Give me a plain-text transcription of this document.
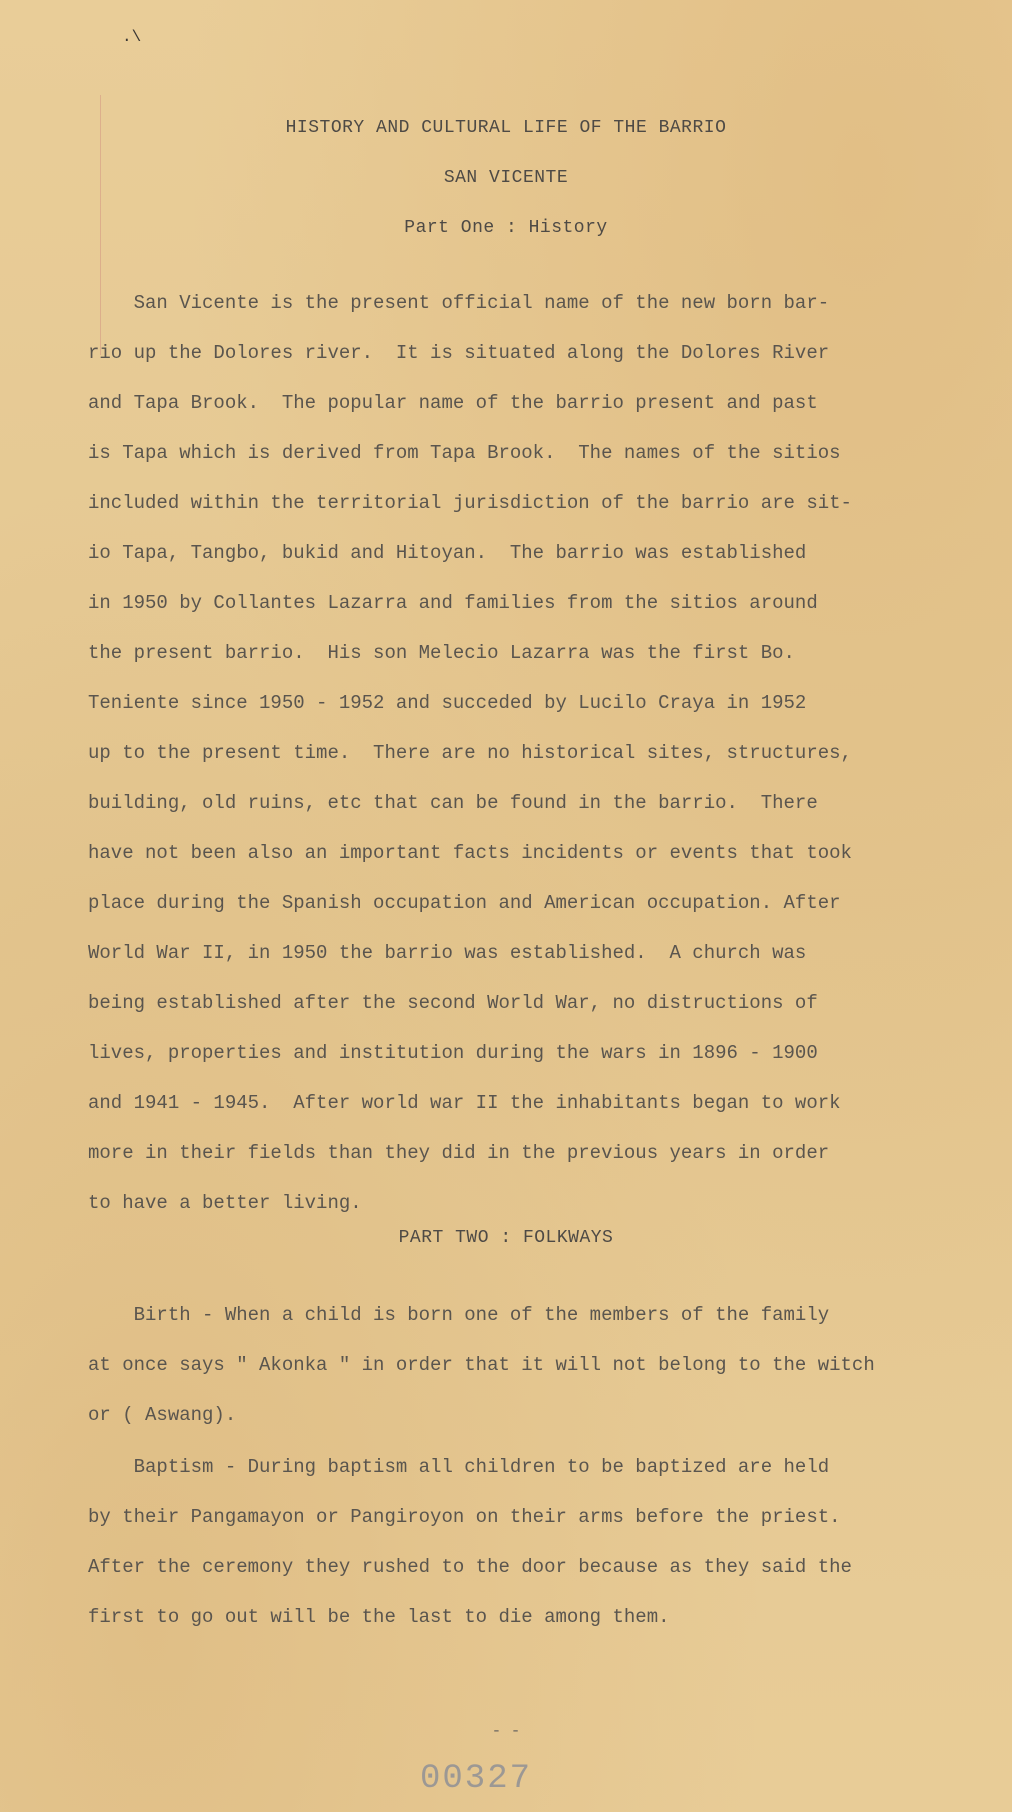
.\
HISTORY AND CULTURAL LIFE OF THE BARRIO
SAN VICENTE
Part One : History
San Vicente is the present official name of the new born bar-
rio up the Dolores river.  It is situated along the Dolores River
and Tapa Brook.  The popular name of the barrio present and past
is Tapa which is derived from Tapa Brook.  The names of the sitios
included within the territorial jurisdiction of the barrio are sit-
io Tapa, Tangbo, bukid and Hitoyan.  The barrio was established
in 1950 by Collantes Lazarra and families from the sitios around
the present barrio.  His son Melecio Lazarra was the first Bo.
Teniente since 1950 - 1952 and succeded by Lucilo Craya in 1952
up to the present time.  There are no historical sites, structures,
building, old ruins, etc that can be found in the barrio.  There
have not been also an important facts incidents or events that took
place during the Spanish occupation and American occupation. After
World War II, in 1950 the barrio was established.  A church was
being established after the second World War, no distructions of
lives, properties and institution during the wars in 1896 - 1900
and 1941 - 1945.  After world war II the inhabitants began to work
more in their fields than they did in the previous years in order
to have a better living.
PART TWO : FOLKWAYS
Birth - When a child is born one of the members of the family
at once says " Akonka " in order that it will not belong to the witch
or ( Aswang).
Baptism - During baptism all children to be baptized are held
by their Pangamayon or Pangiroyon on their arms before the priest.
After the ceremony they rushed to the door because as they said the
first to go out will be the last to die among them.
- -
00327
